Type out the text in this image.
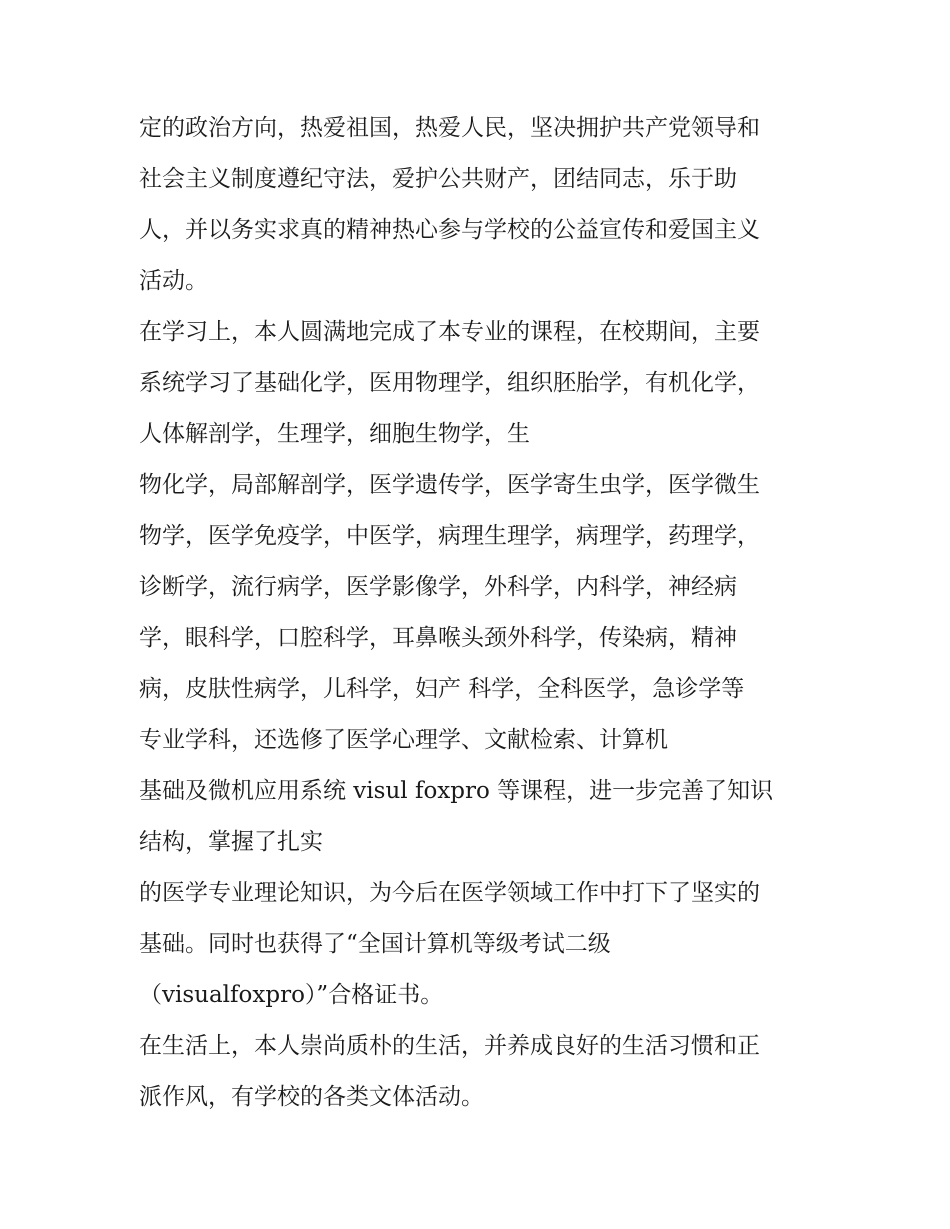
定的政治方向，热爱祖国，热爱人民，坚决拥护共产党领导和
社会主义制度遵纪守法，爱护公共财产，团结同志，乐于助
人，并以务实求真的精神热心参与学校的公益宣传和爱国主义
活动。
在学习上，本人圆满地完成了本专业的课程，在校期间，主要
系统学习了基础化学，医用物理学，组织胚胎学，有机化学，
人体解剖学，生理学，细胞生物学，生
物化学，局部解剖学，医学遗传学，医学寄生虫学，医学微生
物学，医学免疫学，中医学，病理生理学，病理学，药理学，
诊断学，流行病学，医学影像学，外科学，内科学，神经病
学，眼科学，口腔科学，耳鼻喉头颈外科学，传染病，精神
病，皮肤性病学，儿科学，妇产 科学，全科医学，急诊学等
专业学科，还选修了医学心理学、文献检索、计算机
基础及微机应用系统 visul foxpro 等课程，进一步完善了知识
结构，掌握了扎实
的医学专业理论知识，为今后在医学领域工作中打下了坚实的
基础。同时也获得了“全国计算机等级考试二级
（visualfoxpro）”合格证书。
在生活上，本人崇尚质朴的生活，并养成良好的生活习惯和正
派作风，有学校的各类文体活动。
